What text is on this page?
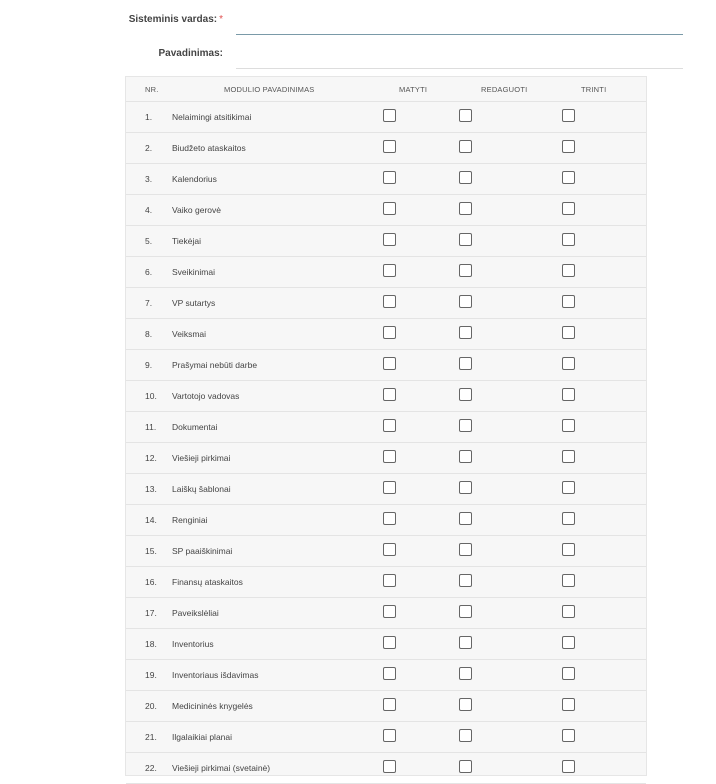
Sisteminis vardas: *
Pavadinimas:
NR.	MODULIO PAVADINIMAS	MATYTI	REDAGUOTI	TRINTI
1. Nelaimingi atsitikimai
2. Biudžeto ataskaitos
3. Kalendorius
4. Vaiko gerovė
5. Tiekėjai
6. Sveikinimai
7. VP sutartys
8. Veiksmai
9. Prašymai nebūti darbe
10. Vartotojo vadovas
11. Dokumentai
12. Viešieji pirkimai
13. Laiškų šablonai
14. Renginiai
15. SP paaiškinimai
16. Finansų ataskaitos
17. Paveikslėliai
18. Inventorius
19. Inventoriaus išdavimas
20. Medicininės knygelės
21. Ilgalaikiai planai
22. Viešieji pirkimai (svetainė)
